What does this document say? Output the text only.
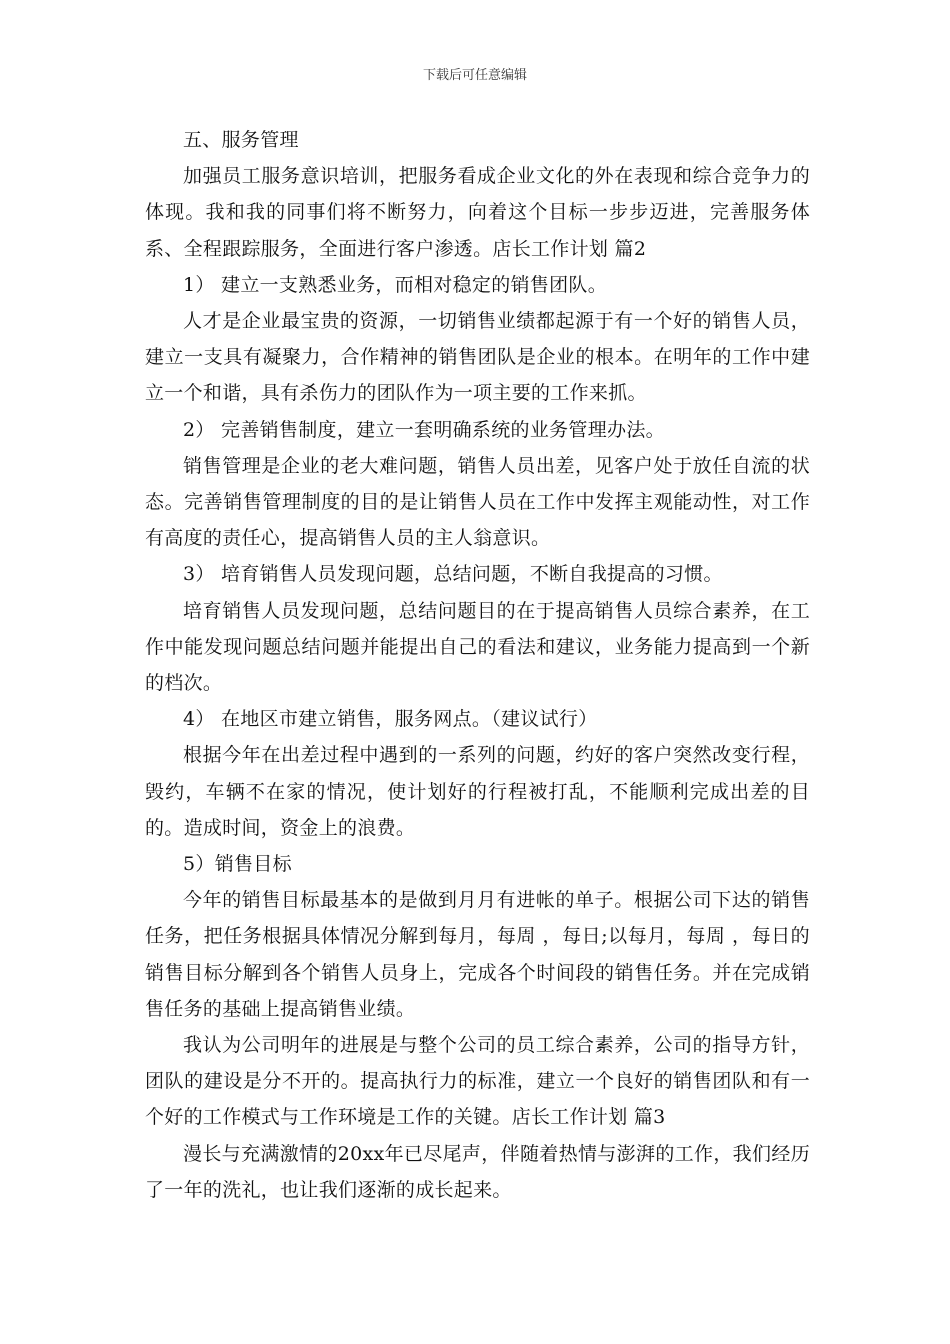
下载后可任意编辑

五、服务管理

加强员工服务意识培训，把服务看成企业文化的外在表现和综合竞争力的体现。我和我的同事们将不断努力，向着这个目标一步步迈进，完善服务体系、全程跟踪服务，全面进行客户渗透。店长工作计划 篇2

1） 建立一支熟悉业务，而相对稳定的销售团队。

人才是企业最宝贵的资源，一切销售业绩都起源于有一个好的销售人员，建立一支具有凝聚力，合作精神的销售团队是企业的根本。在明年的工作中建立一个和谐，具有杀伤力的团队作为一项主要的工作来抓。

2） 完善销售制度，建立一套明确系统的业务管理办法。

销售管理是企业的老大难问题，销售人员出差，见客户处于放任自流的状态。完善销售管理制度的目的是让销售人员在工作中发挥主观能动性，对工作有高度的责任心，提高销售人员的主人翁意识。

3） 培育销售人员发现问题，总结问题，不断自我提高的习惯。

培育销售人员发现问题，总结问题目的在于提高销售人员综合素养，在工作中能发现问题总结问题并能提出自己的看法和建议，业务能力提高到一个新的档次。

4） 在地区市建立销售，服务网点。（建议试行）

根据今年在出差过程中遇到的一系列的问题，约好的客户突然改变行程，毁约，车辆不在家的情况，使计划好的行程被打乱，不能顺利完成出差的目的。造成时间，资金上的浪费。

5）销售目标

今年的销售目标最基本的是做到月月有进帐的单子。根据公司下达的销售任务，把任务根据具体情况分解到每月，每周 ，每日;以每月，每周 ，每日的销售目标分解到各个销售人员身上，完成各个时间段的销售任务。并在完成销售任务的基础上提高销售业绩。

我认为公司明年的进展是与整个公司的员工综合素养，公司的指导方针，团队的建设是分不开的。提高执行力的标准，建立一个良好的销售团队和有一个好的工作模式与工作环境是工作的关键。店长工作计划 篇3

漫长与充满激情的20xx年已尽尾声，伴随着热情与澎湃的工作，我们经历了一年的洗礼，也让我们逐渐的成长起来。
